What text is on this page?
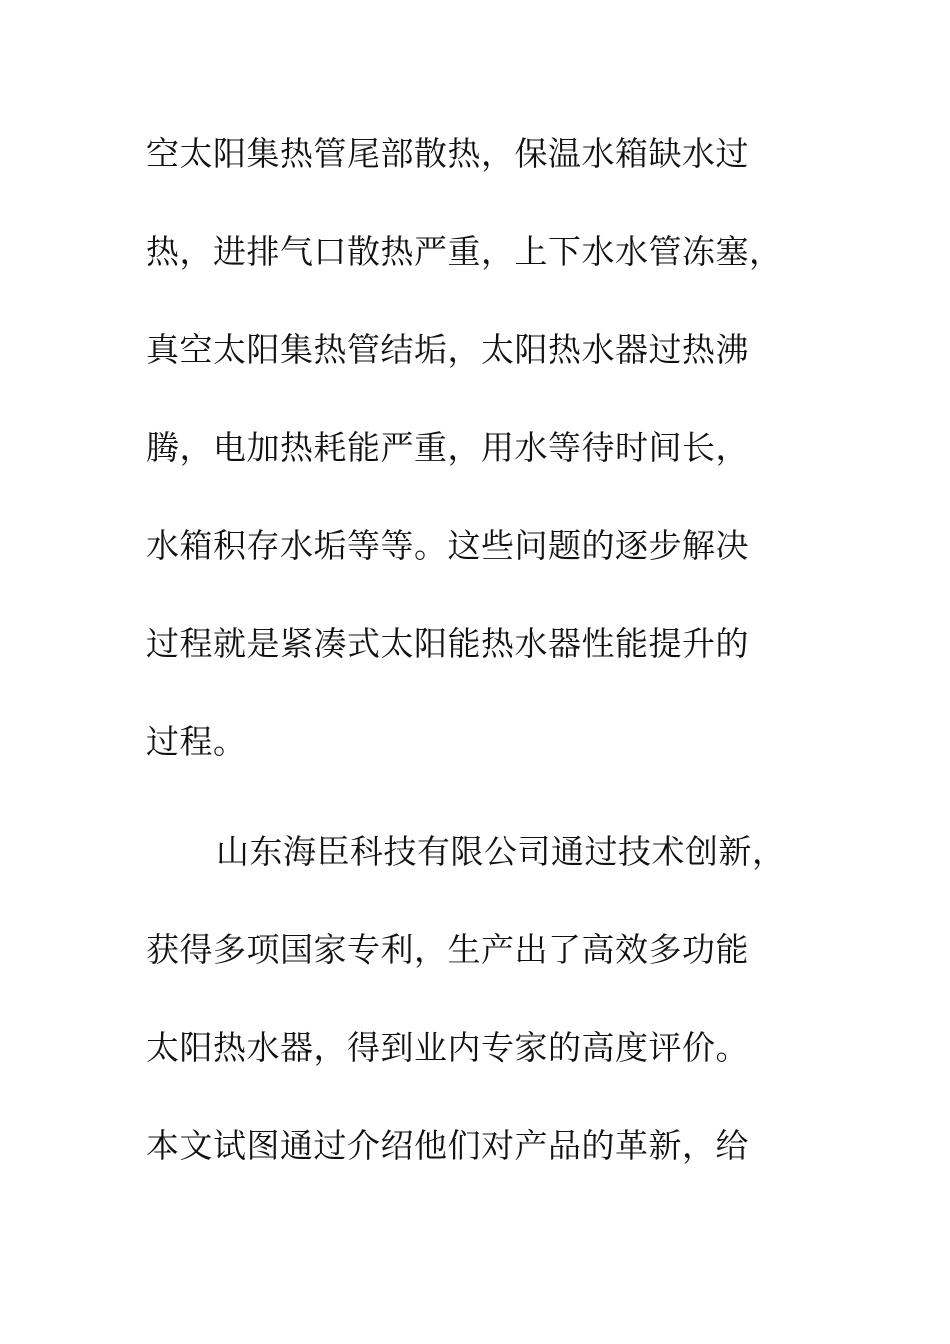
空太阳集热管尾部散热，保温水箱缺水过
热，进排气口散热严重，上下水水管冻塞，
真空太阳集热管结垢，太阳热水器过热沸
腾，电加热耗能严重，用水等待时间长，
水箱积存水垢等等。这些问题的逐步解决
过程就是紧凑式太阳能热水器性能提升的
过程。
山东海臣科技有限公司通过技术创新，
获得多项国家专利，生产出了高效多功能
太阳热水器，得到业内专家的高度评价。
本文试图通过介绍他们对产品的革新，给
